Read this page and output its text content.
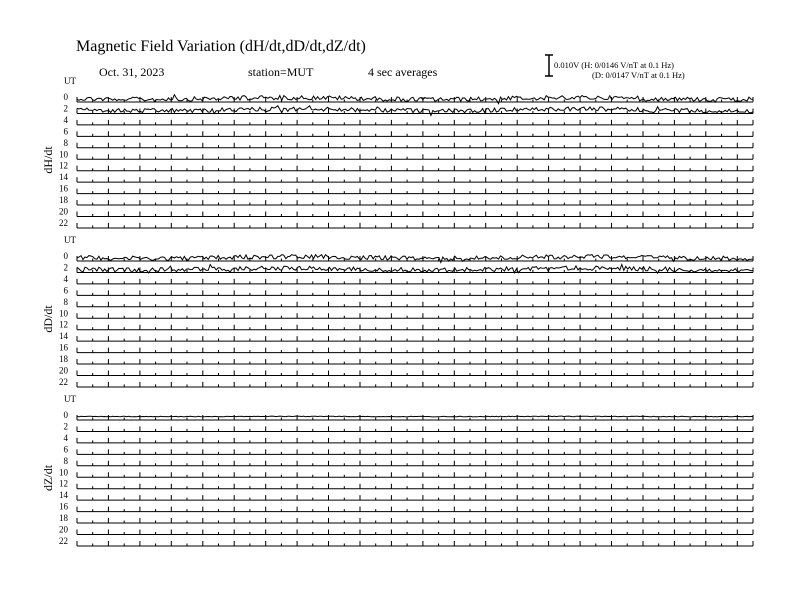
Magnetic Field Variation (dH/dt,dD/dt,dZ/dt)
Oct. 31, 2023	station=MUT	4 sec averages	0.010V (H: 0/0146 V/nT at 0.1 Hz)
(D: 0/0147 V/nT at 0.1 Hz)
UT
dH/dt
0
2
4
6
8
10
12
14
16
18
20
22
UT
dD/dt
0
2
4
6
8
10
12
14
16
18
20
22
UT
dZ/dt
0
2
4
6
8
10
12
14
16
18
20
22
